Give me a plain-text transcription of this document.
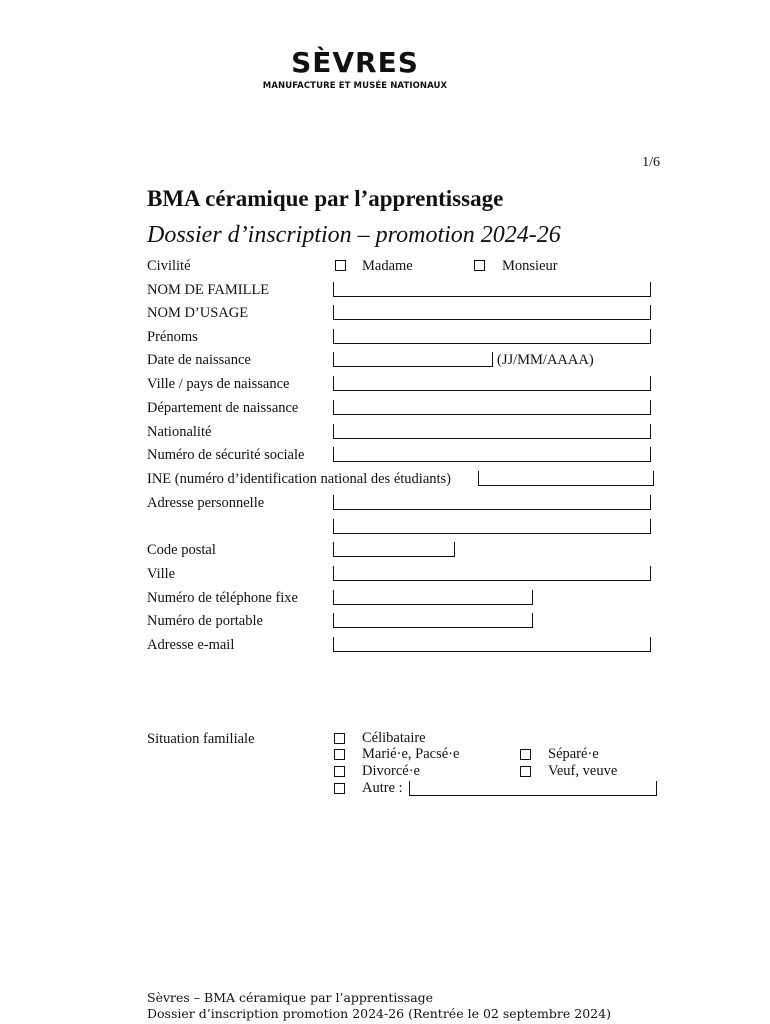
SÈVRES
MANUFACTURE ET MUSÉE NATIONAUX
1/6
BMA céramique par l’apprentissage
Dossier d’inscription – promotion 2024-26
Civilité	Madame	Monsieur
NOM DE FAMILLE
NOM D’USAGE
Prénoms
Date de naissance	(JJ/MM/AAAA)
Ville / pays de naissance
Département de naissance
Nationalité
Numéro de sécurité sociale
INE (numéro d’identification national des étudiants)
Adresse personnelle
Code postal
Ville
Numéro de téléphone fixe
Numéro de portable
Adresse e-mail
Situation familiale	Célibataire
Marié·e, Pacsé·e	Séparé·e
Divorcé·e	Veuf, veuve
Autre :
Sèvres – BMA céramique par l’apprentissage
Dossier d’inscription promotion 2024-26 (Rentrée le 02 septembre 2024)
